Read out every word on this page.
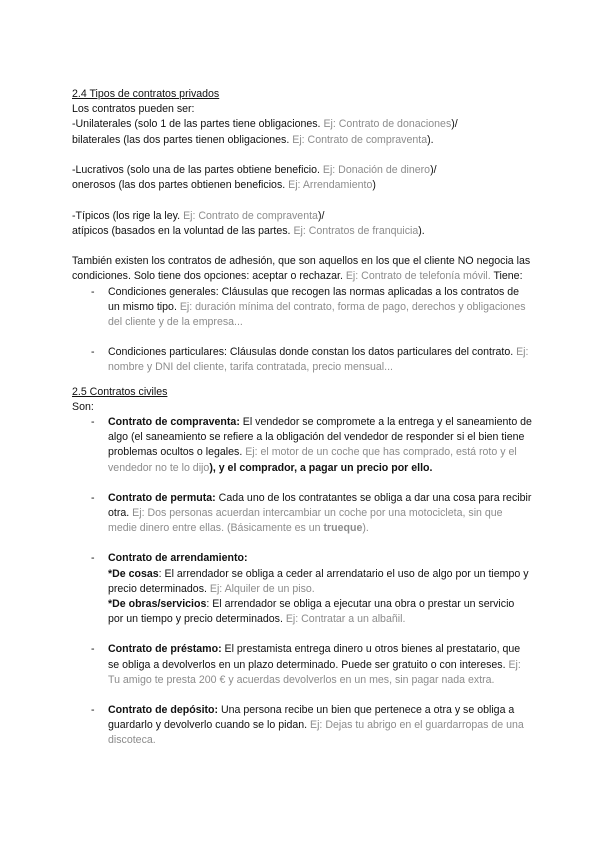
2.4 Tipos de contratos privados
Los contratos pueden ser:
-Unilaterales (solo 1 de las partes tiene obligaciones. Ej: Contrato de donaciones)/
bilaterales (las dos partes tienen obligaciones. Ej: Contrato de compraventa).
-Lucrativos (solo una de las partes obtiene beneficio. Ej: Donación de dinero)/
onerosos (las dos partes obtienen beneficios. Ej: Arrendamiento)
-Típicos (los rige la ley. Ej: Contrato de compraventa)/
atípicos (basados en la voluntad de las partes. Ej: Contratos de franquicia).
También existen los contratos de adhesión, que son aquellos en los que el cliente NO negocia las condiciones. Solo tiene dos opciones: aceptar o rechazar. Ej: Contrato de telefonía móvil. Tiene:
- Condiciones generales: Cláusulas que recogen las normas aplicadas a los contratos de un mismo tipo. Ej: duración mínima del contrato, forma de pago, derechos y obligaciones del cliente y de la empresa...
- Condiciones particulares: Cláusulas donde constan los datos particulares del contrato. Ej: nombre y DNI del cliente, tarifa contratada, precio mensual...
2.5 Contratos civiles
Son:
- Contrato de compraventa: El vendedor se compromete a la entrega y el saneamiento de algo (el saneamiento se refiere a la obligación del vendedor de responder si el bien tiene problemas ocultos o legales. Ej: el motor de un coche que has comprado, está roto y el vendedor no te lo dijo), y el comprador, a pagar un precio por ello.
- Contrato de permuta: Cada uno de los contratantes se obliga a dar una cosa para recibir otra. Ej: Dos personas acuerdan intercambiar un coche por una motocicleta, sin que medie dinero entre ellas. (Básicamente es un trueque).
- Contrato de arrendamiento:
*De cosas: El arrendador se obliga a ceder al arrendatario el uso de algo por un tiempo y precio determinados. Ej: Alquiler de un piso.
*De obras/servicios: El arrendador se obliga a ejecutar una obra o prestar un servicio por un tiempo y precio determinados. Ej: Contratar a un albañil.
- Contrato de préstamo: El prestamista entrega dinero u otros bienes al prestatario, que se obliga a devolverlos en un plazo determinado. Puede ser gratuito o con intereses. Ej: Tu amigo te presta 200 € y acuerdas devolverlos en un mes, sin pagar nada extra.
- Contrato de depósito: Una persona recibe un bien que pertenece a otra y se obliga a guardarlo y devolverlo cuando se lo pidan. Ej: Dejas tu abrigo en el guardarropas de una discoteca.
